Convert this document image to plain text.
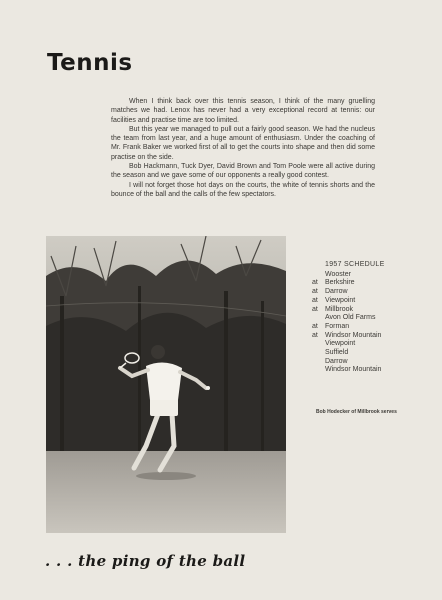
Tennis

When I think back over this tennis season, I think of the many gruelling matches we had. Lenox has never had a very exceptional record at tennis: our facilities and practise time are too limited.

But this year we managed to pull out a fairly good season. We had the nucleus the team from last year, and a huge amount of enthusiasm. Under the coaching of Mr. Frank Baker we worked first of all to get the courts into shape and then did some practise on the side.

Bob Hackmann, Tuck Dyer, David Brown and Tom Poole were all active during the season and we gave some of our opponents a really good contest.

I will not forget those hot days on the courts, the white of tennis shorts and the bounce of the ball and the calls of the few spectators.

1957 SCHEDULE
Wooster
at Berkshire
at Darrow
at Viewpoint
at Millbrook
Avon Old Farms
at Forman
at Windsor Mountain
Viewpoint
Suffield
Darrow
Windsor Mountain
Bob Hodecker of Millbrook serves
. . . the ping of the ball
